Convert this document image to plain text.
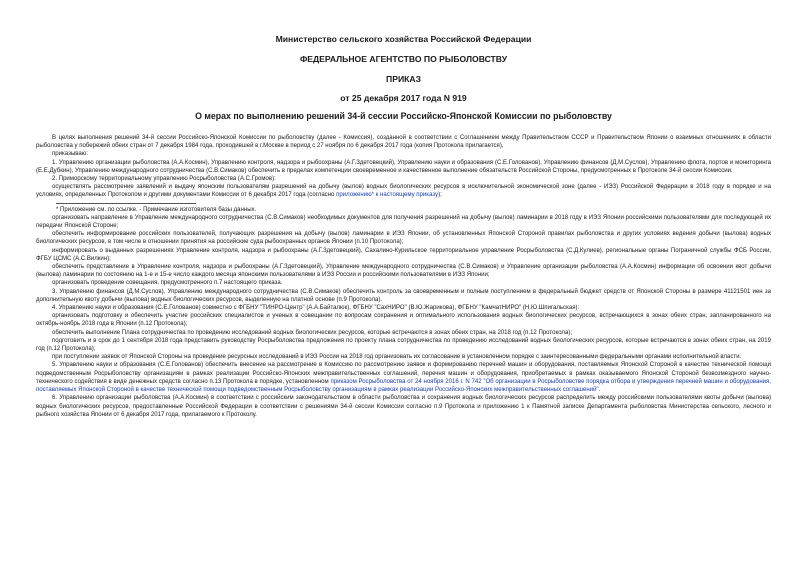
Министерство сельского хозяйства Российской Федерации

ФЕДЕРАЛЬНОЕ АГЕНТСТВО ПО РЫБОЛОВСТВУ

ПРИКАЗ

от 25 декабря 2017 года N 919

О мерах по выполнению решений 34-й сессии Российско-Японской Комиссии по рыболовству

В целях выполнения решений 34-й сессии Российско-Японской Комиссии по рыболовству (далее - Комиссия), созданной в соответствии с Соглашением между Правительством СССР и Правительством Японии о взаимных отношениях в области рыболовства у побережий обеих стран от 7 декабря 1984 года, проходившей в г.Москве в период с 27 ноября по 6 декабря 2017 года (копия Протокола прилагается),

приказываю:

1. Управлению организации рыболовства (А.А.Космин), Управлению контроля, надзора и рыбоохраны (А.Г.Здетовецкий), Управлению науки и образования (С.Е.Голованов), Управлению финансов (Д.М.Суслов), Управлению флота, портов и мониторинга (Е.Е.Дубкин), Управлению международного сотрудничества (С.В.Симаков) обеспечить в пределах компетенции своевременное и качественное выполнение обязательств Российской Стороны, предусмотренных в Протоколе 34-й сессии Комиссии.

2. Приморскому территориальному управлению Росрыболовства (А.С.Громов):

осуществлять рассмотрение заявлений и выдачу японским пользователям разрешений на добычу (вылов) водных биологических ресурсов в исключительной экономической зоне (далее - ИЭЗ) Российской Федерации в 2018 году в порядке и на условиях, определенных Протоколом и другими документами Комиссии от 6 декабря 2017 года (согласно приложению* к настоящему приказу);

* Приложение см. по ссылке. - Примечание изготовителя базы данных.

организовать направление в Управление международного сотрудничества (С.В.Симаков) необходимых документов для получения разрешений на добычу (вылов) ламинарии в 2018 году в ИЭЗ Японии российскими пользователями для последующей их передачи Японской Стороне;

обеспечить информирование российских пользователей, получающих разрешения на добычу (вылов) ламинарии в ИЭЗ Японии, об установленных Японской Стороной правилах рыболовства и других условиях ведения добычи (вылова) водных биологических ресурсов, в том числе в отношении принятия на российские суда рыбоохранных органов Японии (п.10 Протокола);

информировать о выданных разрешениях Управление контроля, надзора и рыбоохраны (А.Г.Здетовецкий), Сахалино-Курильское территориальное управление Росрыболовства (С.Д.Кулиев), региональные органы Пограничной службы ФСБ России, ФГБУ ЦСМС (А.С.Вилкин);

обеспечить представление в Управление контроля, надзора и рыбоохраны (А.Г.Здетовецкий), Управление международного сотрудничества (С.В.Симаков) и Управление организации рыболовства (А.А.Космин) информации об освоении квот добычи (вылова) ламинарии по состоянию на 1-е и 15-е число каждого месяца японскими пользователями в ИЭЗ России и российскими пользователями в ИЭЗ Японии;

организовать проведение совещания, предусмотренного п.7 настоящего приказа.

3. Управлению финансов (Д.М.Суслов), Управлению международного сотрудничества (С.В.Симаков) обеспечить контроль за своевременным и полным поступлением в федеральный бюджет средств от Японской Стороны в размере 41121501 иен за дополнительную квоту добычи (вылова) водных биологических ресурсов, выделенную на платной основе (п.9 Протокола).

4. Управлению науки и образования (С.Е.Голованов) совместно с ФГБНУ "ТИНРО-Центр" (А.А.Байталюк), ФГБНУ "СахНИРО" (В.Ю.Жарикова), ФГБНУ "КамчатНИРО" (Н.Ю.Шпигальская):

организовать подготовку и обеспечить участие российских специалистов и ученых в совещании по вопросам сохранения и оптимального использования водных биологических ресурсов, встречающихся в зонах обеих стран, запланированного на октябрь-ноябрь 2018 года в Японии (п.12 Протокола);

обеспечить выполнение Плана сотрудничества по проведению исследований водных биологических ресурсов, которые встречаются в зонах обеих стран, на 2018 год (п.12 Протокола);

подготовить и в срок до 1 сентября 2018 года представить руководству Росрыболовства предложения по проекту плана сотрудничества по проведению исследований водных биологических ресурсов, которые встречаются в зонах обеих стран, на 2019 год (п.12 Протокола);

при поступлении заявок от Японской Стороны на проведение ресурсных исследований в ИЭЗ России на 2018 год организовать их согласование в установленном порядке с заинтересованными федеральными органами исполнительной власти.

5. Управлению науки и образования (С.Е.Голованов) обеспечить внесение на рассмотрение в Комиссию по рассмотрению заявок и формированию перечней машин и оборудования, поставляемых Японской Стороной в качестве технической помощи подведомственным Росрыболовству организациям в рамках реализации Российско-Японских межправительственных соглашений, перечня машин и оборудования, приобретаемых в рамках оказываемого Японской Стороной безвозмездного научно-технического содействия в виде денежных средств согласно п.13 Протокола в порядке, установленном приказом Росрыболовства от 24 ноября 2016 г. N 742 "Об организации в Росрыболовстве порядка отбора и утверждения перечней машин и оборудования, поставляемых Японской Стороной в качестве технической помощи подведомственным Росрыболовству организациям в рамках реализации Российско-Японских межправительственных соглашений".

6. Управлению организации рыболовства (А.А.Космин) в соответствии с российским законодательством в области рыболовства и сохранения водных биологических ресурсов распределить между российскими пользователями квоты добычи (вылова) водных биологических ресурсов, предоставленные Российской Федерации в соответствии с решениями 34-й сессии Комиссии согласно п.9 Протокола и приложению 1 к Памятной записке Департамента рыболовства Министерства сельского, лесного и рыбного хозяйства Японии от 6 декабря 2017 года, прилагаемого к Протоколу.
